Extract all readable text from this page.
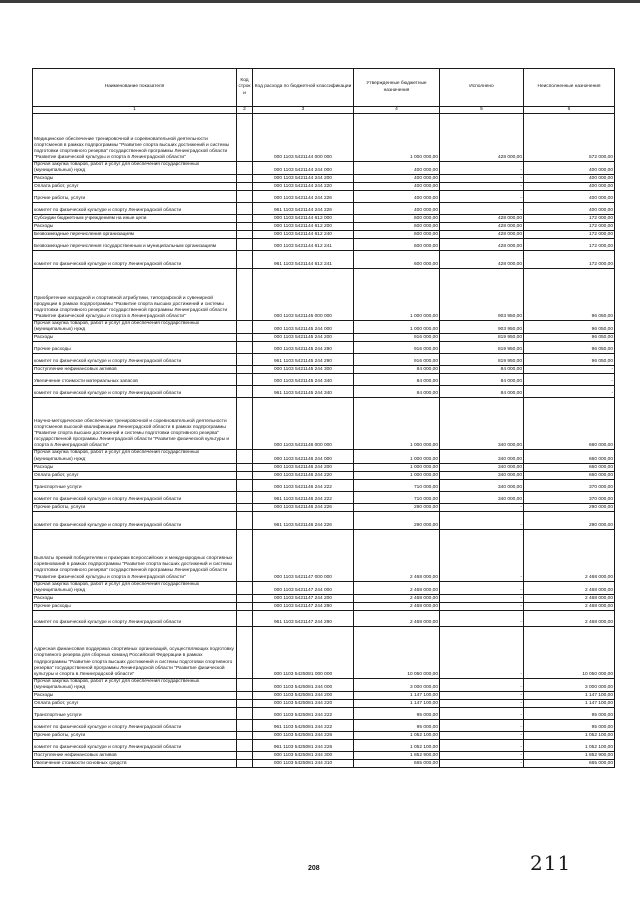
Наименование показателя	Код строк и	Код расхода по бюджетной классификации	Утвержденные бюджетные назначения	Исполнено	Неисполненные назначения
1	2	3	4	5	6
Медицинское обеспечение тренировочной и соревновательной деятельности спортсменов в рамках подпрограммы "Развитие спорта высших достижений и системы подготовки спортивного резерва" государственной программы Ленинградской области "Развитие физической культуры и спорта в Ленинградской области"		000 1103 5421144 000 000	1 000 000,00	428 000,00	572 000,00
Прочая закупка товаров, работ и услуг для обеспечения государственных (муниципальных) нужд		000 1103 5421144 244 000	400 000,00	-	400 000,00
Расходы		000 1103 5421144 244 200	400 000,00	-	400 000,00
Оплата работ, услуг		000 1103 5421144 244 220	400 000,00	-	400 000,00
Прочие работы, услуги		000 1103 5421144 244 226	400 000,00	-	400 000,00
комитет по физической культуре и спорту Ленинградской области		961 1103 5421144 244 226	400 000,00	-	400 000,00
Субсидии бюджетным учреждениям на иные цели		000 1103 5421144 612 000	600 000,00	428 000,00	172 000,00
Расходы		000 1103 5421144 612 200	600 000,00	428 000,00	172 000,00
Безвозмездные перечисления организациям		000 1103 5421144 612 240	600 000,00	428 000,00	172 000,00
Безвозмездные перечисления государственным и муниципальным организациям		000 1103 5421144 612 241	600 000,00	428 000,00	172 000,00
комитет по физической культуре и спорту Ленинградской области		961 1103 5421144 612 241	600 000,00	428 000,00	172 000,00
Приобретение наградной и спортивной атрибутики, типографской и сувенирной продукции в рамках подпрограммы "Развитие спорта высших достижений и системы подготовки спортивного резерва" государственной программы Ленинградской области "Развитие физической культуры и спорта в Ленинградской области"		000 1103 5421145 000 000	1 000 000,00	903 950,00	96 050,00
Прочая закупка товаров, работ и услуг для обеспечения государственных (муниципальных) нужд		000 1103 5421145 244 000	1 000 000,00	903 950,00	96 050,00
Расходы		000 1103 5421145 244 200	916 000,00	819 950,00	96 050,00
Прочие расходы		000 1103 5421145 244 290	916 000,00	819 950,00	96 050,00
комитет по физической культуре и спорту Ленинградской области		961 1103 5421145 244 290	916 000,00	819 950,00	96 050,00
Поступление нефинансовых активов		000 1103 5421145 244 300	84 000,00	84 000,00	-
Увеличение стоимости материальных запасов		000 1103 5421145 244 340	84 000,00	84 000,00	-
комитет по физической культуре и спорту Ленинградской области		961 1103 5421145 244 340	84 000,00	84 000,00	-
Научно-методическое обеспечение тренировочной и соревновательной деятельности спортсменов высокой квалификации Ленинградской области в рамках подпрограммы "Развитие спорта высших достижений и системы подготовки спортивного резерва" государственной программы Ленинградской области "Развитие физической культуры и спорта в Ленинградской области"		000 1103 5421146 000 000	1 000 000,00	340 000,00	660 000,00
Прочая закупка товаров, работ и услуг для обеспечения государственных (муниципальных) нужд		000 1103 5421146 244 000	1 000 000,00	340 000,00	660 000,00
Расходы		000 1103 5421146 244 200	1 000 000,00	340 000,00	660 000,00
Оплата работ, услуг		000 1103 5421146 244 220	1 000 000,00	340 000,00	660 000,00
Транспортные услуги		000 1103 5421146 244 222	710 000,00	340 000,00	370 000,00
комитет по физической культуре и спорту Ленинградской области		961 1103 5421146 244 222	710 000,00	340 000,00	370 000,00
Прочие работы, услуги		000 1103 5421146 244 226	290 000,00	-	290 000,00
комитет по физической культуре и спорту Ленинградской области		961 1103 5421146 244 226	290 000,00	-	290 000,00
Выплаты премий победителям и призерам всероссийских и международных спортивных соревнований в рамках подпрограммы "Развитие спорта высших достижений и системы подготовки спортивного резерва" государственной программы Ленинградской области "Развитие физической культуры и спорта в Ленинградской области"		000 1103 5421147 000 000	2 468 000,00	-	2 468 000,00
Прочая закупка товаров, работ и услуг для обеспечения государственных (муниципальных) нужд		000 1103 5421147 244 000	2 468 000,00	-	2 468 000,00
Расходы		000 1103 5421147 244 200	2 468 000,00	-	2 468 000,00
Прочие расходы		000 1103 5421147 244 290	2 468 000,00	-	2 468 000,00
комитет по физической культуре и спорту Ленинградской области		961 1103 5421147 244 290	2 468 000,00	-	2 468 000,00
Адресная финансовая поддержка спортивных организаций, осуществляющих подготовку спортивного резерва для сборных команд Российской Федерации в рамках подпрограммы "Развитие спорта высших достижений и системы подготовки спортивного резерва" государственной программы Ленинградской области "Развитие физической культуры и спорта в Ленинградской области"		000 1103 5425081 000 000	10 050 000,00	-	10 050 000,00
Прочая закупка товаров, работ и услуг для обеспечения государственных (муниципальных) нужд		000 1103 5425081 244 000	3 000 000,00	-	3 000 000,00
Расходы		000 1103 5425081 244 200	1 147 100,00	-	1 147 100,00
Оплата работ, услуг		000 1103 5425081 244 220	1 147 100,00	-	1 147 100,00
Транспортные услуги		000 1103 5425081 244 222	95 000,00	-	95 000,00
комитет по физической культуре и спорту Ленинградской области		961 1103 5425081 244 222	95 000,00	-	95 000,00
Прочие работы, услуги		000 1103 5425081 244 226	1 052 100,00	-	1 052 100,00
комитет по физической культуре и спорту Ленинградской области		961 1103 5425081 244 226	1 052 100,00	-	1 052 100,00
Поступление нефинансовых активов		000 1103 5425081 244 300	1 852 900,00	-	1 852 900,00
Увеличение стоимости основных средств		000 1103 5425081 244 310	665 000,00	-	665 000,00
208	211
